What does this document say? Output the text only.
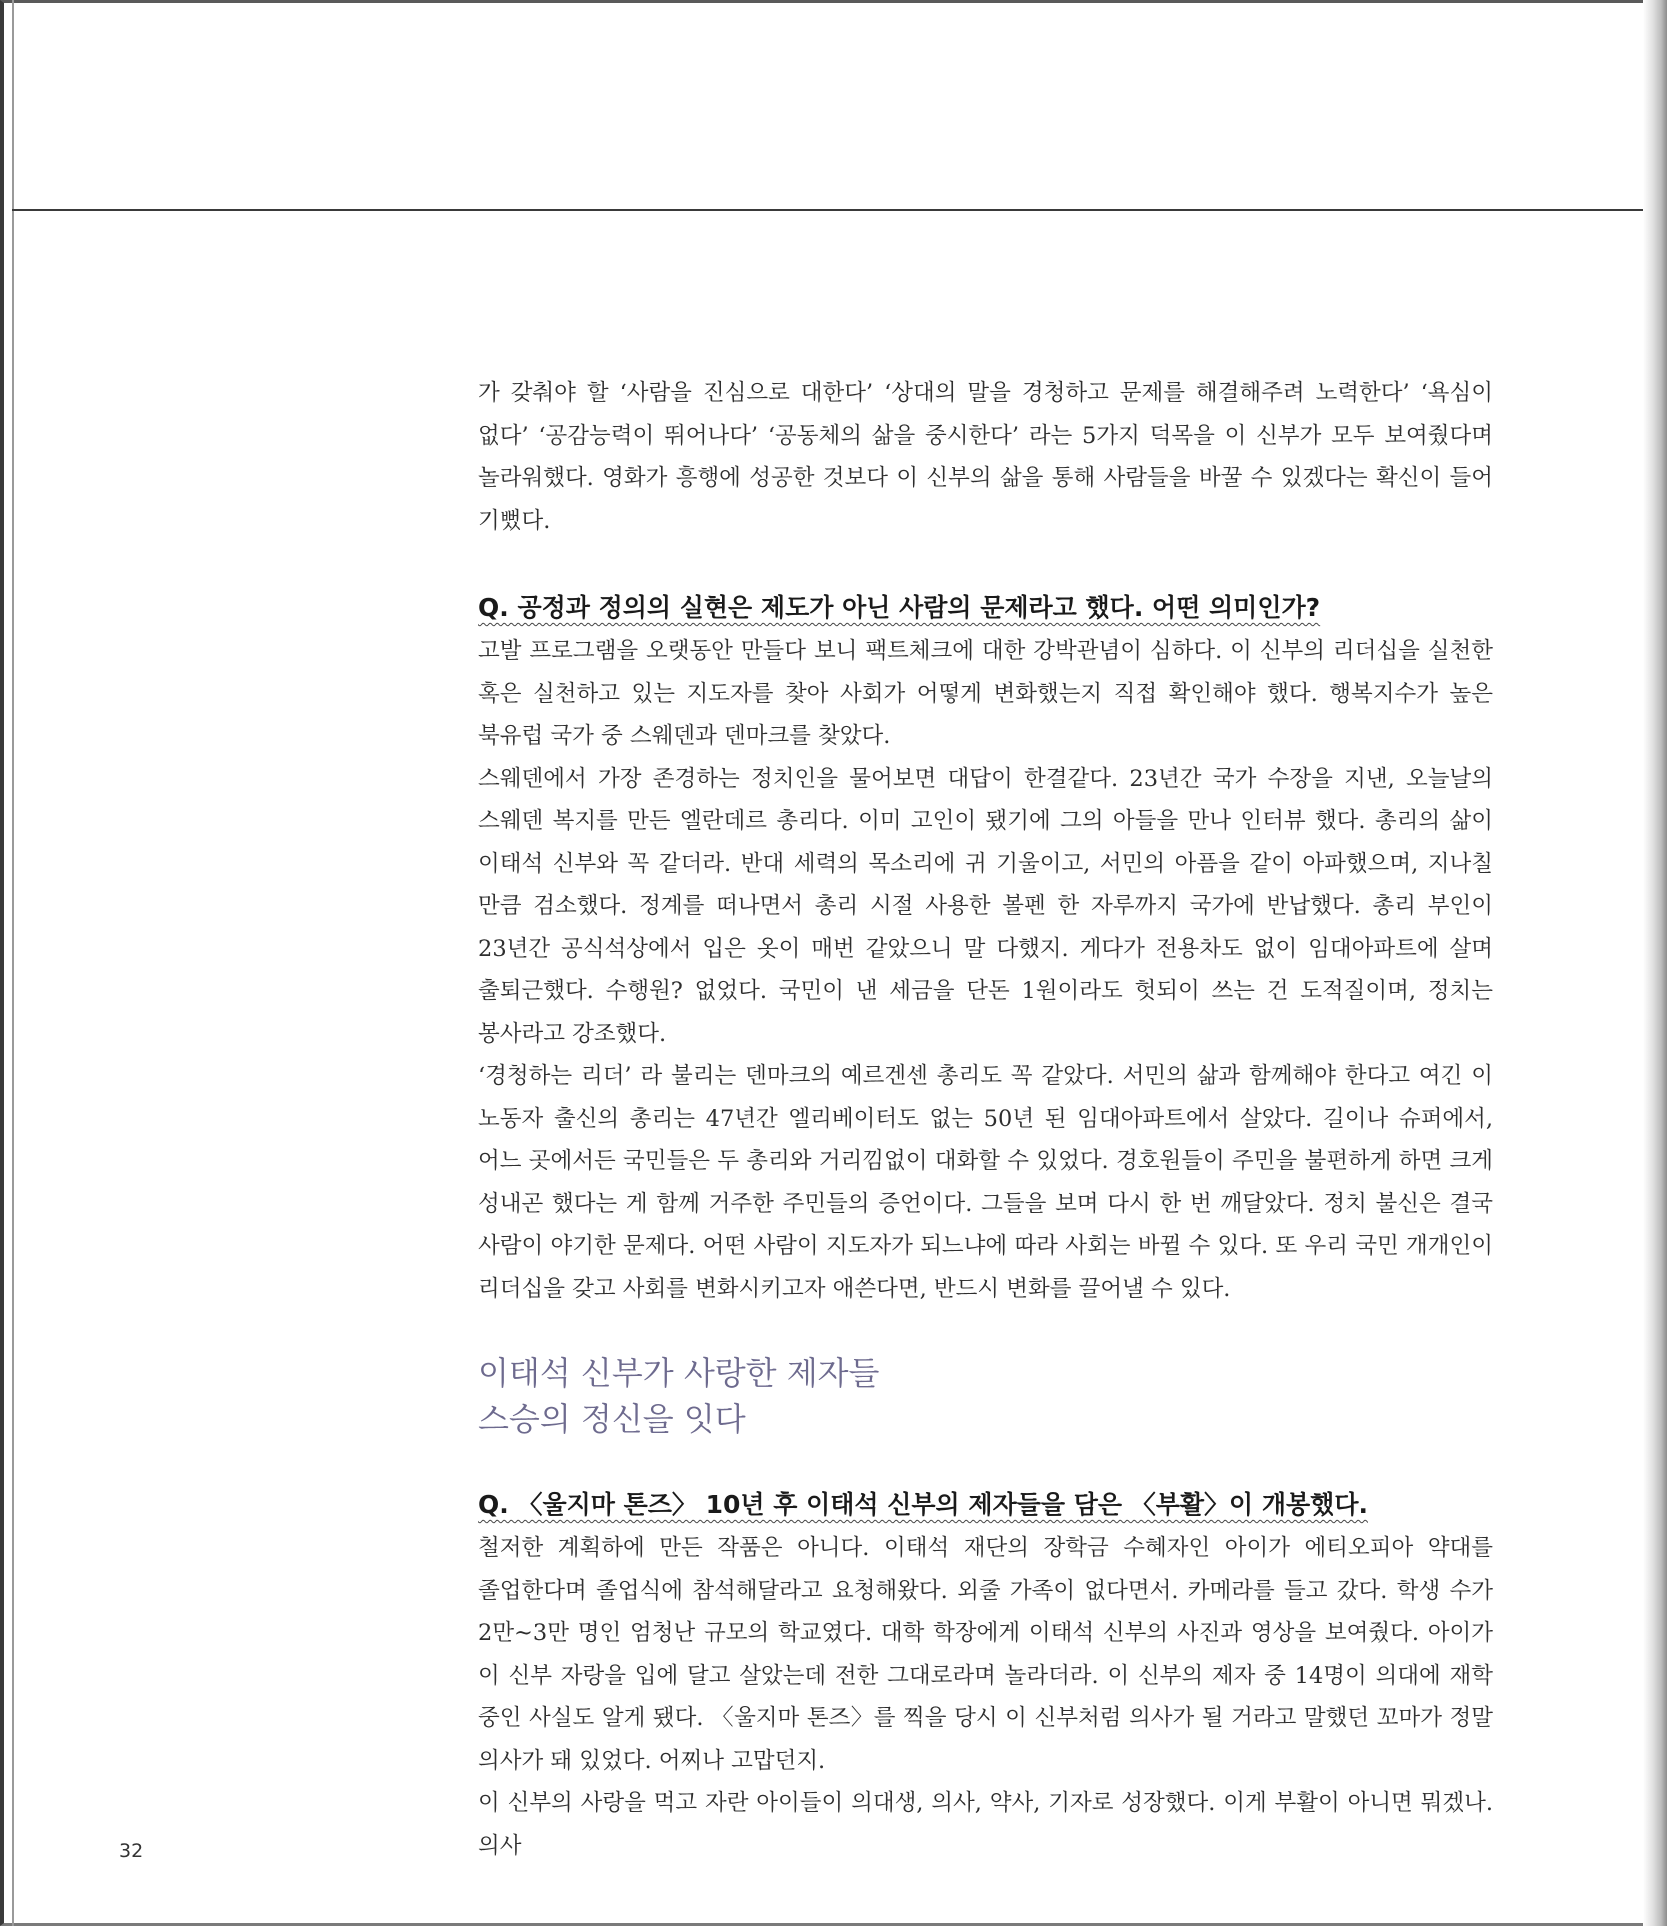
가 갖춰야 할 ‘사람을 진심으로 대한다’ ‘상대의 말을 경청하고 문제를 해결해주려 노력한다’ ‘욕심이 없다’ ‘공감능력이 뛰어나다’ ‘공동체의 삶을 중시한다’ 라는 5가지 덕목을 이 신부가 모두 보여줬다며 놀라워했다. 영화가 흥행에 성공한 것보다 이 신부의 삶을 통해 사람들을 바꿀 수 있겠다는 확신이 들어 기뻤다.

Q. 공정과 정의의 실현은 제도가 아닌 사람의 문제라고 했다. 어떤 의미인가?

고발 프로그램을 오랫동안 만들다 보니 팩트체크에 대한 강박관념이 심하다. 이 신부의 리더십을 실천한 혹은 실천하고 있는 지도자를 찾아 사회가 어떻게 변화했는지 직접 확인해야 했다. 행복지수가 높은 북유럽 국가 중 스웨덴과 덴마크를 찾았다.

스웨덴에서 가장 존경하는 정치인을 물어보면 대답이 한결같다. 23년간 국가 수장을 지낸, 오늘날의 스웨덴 복지를 만든 엘란데르 총리다. 이미 고인이 됐기에 그의 아들을 만나 인터뷰 했다. 총리의 삶이 이태석 신부와 꼭 같더라. 반대 세력의 목소리에 귀 기울이고, 서민의 아픔을 같이 아파했으며, 지나칠 만큼 검소했다. 정계를 떠나면서 총리 시절 사용한 볼펜 한 자루까지 국가에 반납했다. 총리 부인이 23년간 공식석상에서 입은 옷이 매번 같았으니 말 다했지. 게다가 전용차도 없이 임대아파트에 살며 출퇴근했다. 수행원? 없었다. 국민이 낸 세금을 단돈 1원이라도 헛되이 쓰는 건 도적질이며, 정치는 봉사라고 강조했다.

‘경청하는 리더’ 라 불리는 덴마크의 예르겐센 총리도 꼭 같았다. 서민의 삶과 함께해야 한다고 여긴 이 노동자 출신의 총리는 47년간 엘리베이터도 없는 50년 된 임대아파트에서 살았다. 길이나 슈퍼에서, 어느 곳에서든 국민들은 두 총리와 거리낌없이 대화할 수 있었다. 경호원들이 주민을 불편하게 하면 크게 성내곤 했다는 게 함께 거주한 주민들의 증언이다. 그들을 보며 다시 한 번 깨달았다. 정치 불신은 결국 사람이 야기한 문제다. 어떤 사람이 지도자가 되느냐에 따라 사회는 바뀔 수 있다. 또 우리 국민 개개인이 리더십을 갖고 사회를 변화시키고자 애쓴다면, 반드시 변화를 끌어낼 수 있다.

이태석 신부가 사랑한 제자들
스승의 정신을 잇다
Q. 〈울지마 톤즈〉 10년 후 이태석 신부의 제자들을 담은 〈부활〉이 개봉했다.

철저한 계획하에 만든 작품은 아니다. 이태석 재단의 장학금 수혜자인 아이가 에티오피아 약대를 졸업한다며 졸업식에 참석해달라고 요청해왔다. 외줄 가족이 없다면서. 카메라를 들고 갔다. 학생 수가 2만~3만 명인 엄청난 규모의 학교였다. 대학 학장에게 이태석 신부의 사진과 영상을 보여줬다. 아이가 이 신부 자랑을 입에 달고 살았는데 전한 그대로라며 놀라더라. 이 신부의 제자 중 14명이 의대에 재학 중인 사실도 알게 됐다. 〈울지마 톤즈〉를 찍을 당시 이 신부처럼 의사가 될 거라고 말했던 꼬마가 정말 의사가 돼 있었다. 어찌나 고맙던지.

이 신부의 사랑을 먹고 자란 아이들이 의대생, 의사, 약사, 기자로 성장했다. 이게 부활이 아니면 뭐겠나. 의사

32
